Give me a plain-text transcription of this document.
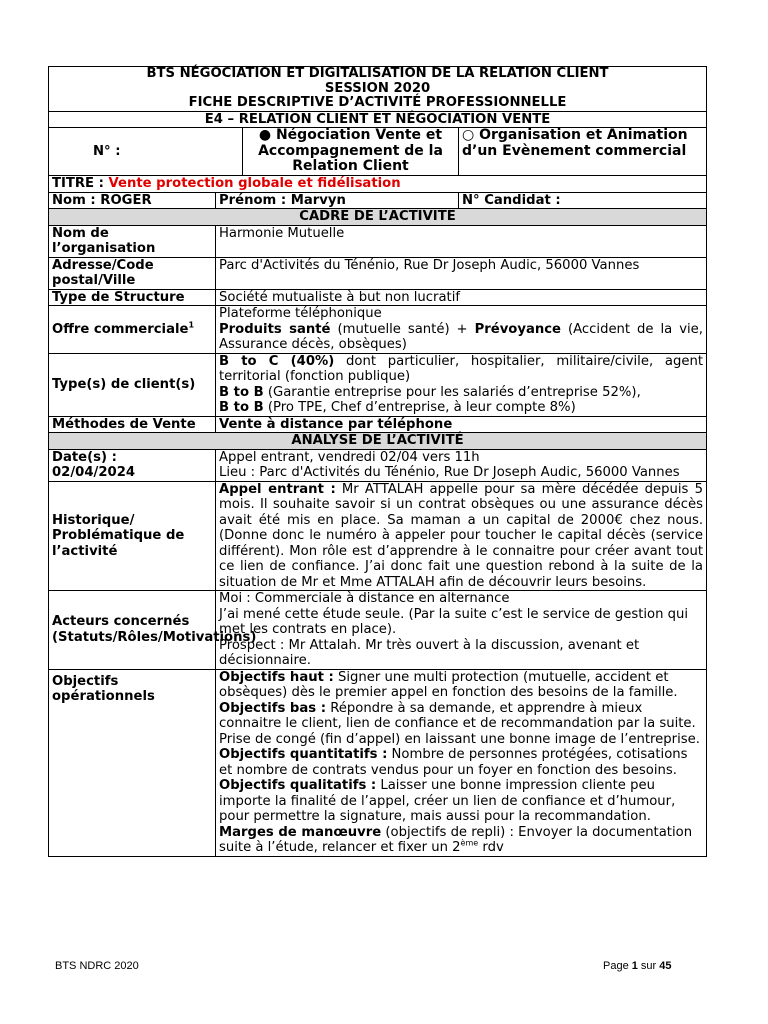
BTS NÉGOCIATION ET DIGITALISATION DE LA RELATION CLIENT
SESSION 2020
FICHE DESCRIPTIVE D’ACTIVITÉ PROFESSIONNELLE			

E4 – RELATION CLIENT ET NÉGOCIATION VENTE			
N° :		● Négociation Vente et Accompagnement de la Relation Client	○ Organisation et Animation d’un Evènement commercial
TITRE : Vente protection globale et fidélisation			
Nom : ROGER	Prénom : Marvyn		N° Candidat :
CADRE DE L’ACTIVITE			
Nom de l’organisation	Harmonie Mutuelle		
Adresse/Code postal/Ville	Parc d'Activités du Ténénio, Rue Dr Joseph Audic, 56000 Vannes		
Type de Structure	Société mutualiste à but non lucratif		
Offre commerciale$^1$	Plateforme téléphonique
Produits santé (mutuelle santé) + Prévoyance (Accident de la vie, Assurance décès, obsèques)		
Type(s) de client(s)	B to C (40%) dont particulier, hospitalier, militaire/civile, agent territorial (fonction publique)
B to B (Garantie entreprise pour les salariés d’entreprise 52%),
B to B (Pro TPE, Chef d’entreprise, à leur compte 8%)		
Méthodes de Vente	Vente à distance par téléphone		
ANALYSE DE L’ACTIVITÉ			

Date(s) :
02/04/2024	Appel entrant, vendredi 02/04 vers 11h
Lieu : Parc d'Activités du Ténénio, Rue Dr Joseph Audic, 56000 Vannes		

Historique/ Problématique de l’activité	Appel entrant : Mr ATTALAH appelle pour sa mère décédée depuis 5 mois. Il souhaite savoir si un contrat obsèques ou une assurance décès avait été mis en place. Sa maman a un capital de 2000€ chez nous. (Donne donc le numéro à appeler pour toucher le capital décès (service différent). Mon rôle est d’apprendre à le connaitre pour créer avant tout ce lien de confiance. J’ai donc fait une question rebond à la suite de la situation de Mr et Mme ATTALAH afin de découvrir leurs besoins.		
Acteurs concernés (Statuts/Rôles/Motivations)	Moi : Commerciale à distance en alternance
J’ai mené cette étude seule. (Par la suite c’est le service de gestion qui met les contrats en place).
Prospect : Mr Attalah. Mr très ouvert à la discussion, avenant et décisionnaire.		

Objectifs opérationnels	Objectifs haut : Signer une multi protection (mutuelle, accident et obsèques) dès le premier appel en fonction des besoins de la famille.
Objectifs bas : Répondre à sa demande, et apprendre à mieux connaitre le client, lien de confiance et de recommandation par la suite. Prise de congé (fin d’appel) en laissant une bonne image de l’entreprise.
Objectifs quantitatifs : Nombre de personnes protégées, cotisations et nombre de contrats vendus pour un foyer en fonction des besoins.
Objectifs qualitatifs : Laisser une bonne impression cliente peu importe la finalité de l’appel, créer un lien de confiance et d’humour, pour permettre la signature, mais aussi pour la recommandation.
Marges de manœuvre (objectifs de repli) : Envoyer la documentation suite à l’étude, relancer et fixer un 2ème rdv		
BTS NDRC 2020	Page 1 sur 45
